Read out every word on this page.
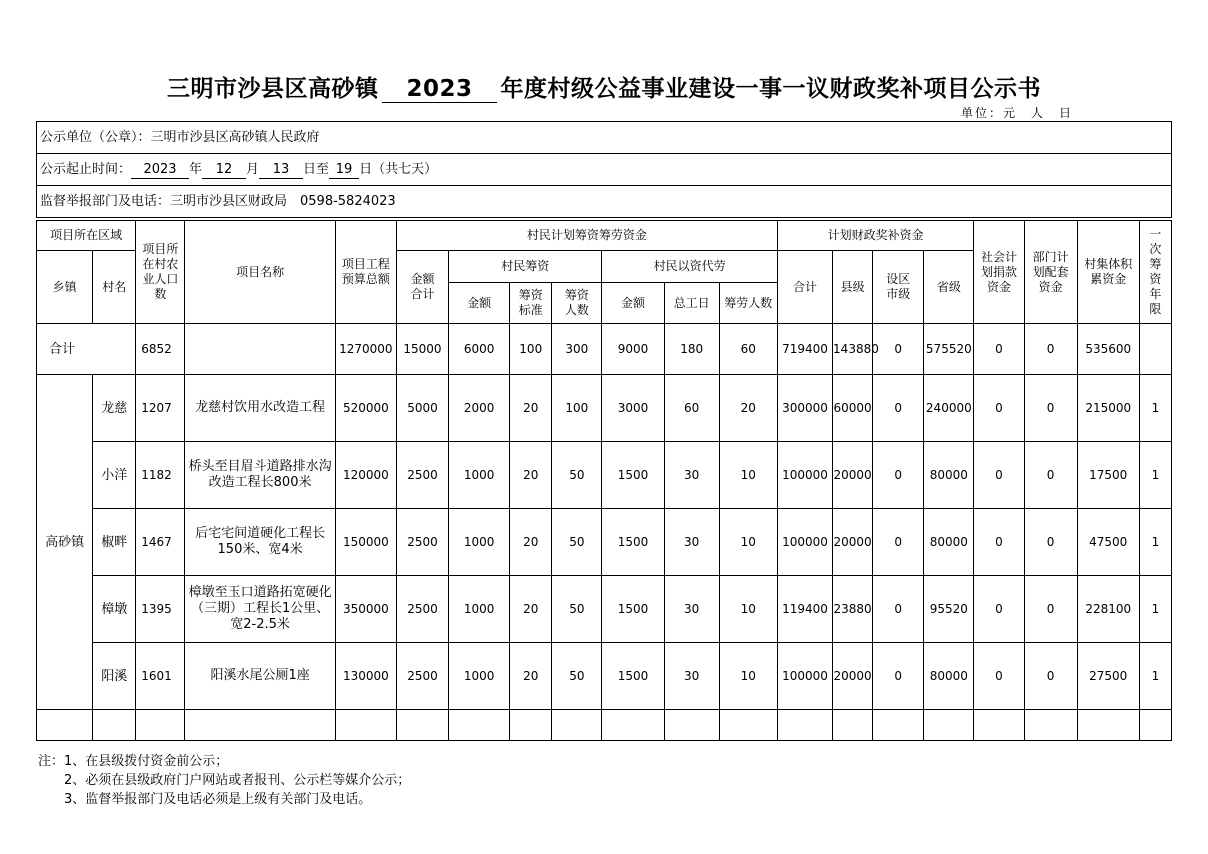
三明市沙县区高砂镇 2023 年度村级公益事业建设一事一议财政奖补项目公示书
单位：元　人　日
公示单位（公章）：三明市沙县区高砂镇人民政府
公示起止时间： 2023 年 12 月 13 日至 19 日（共七天）
监督举报部门及电话：三明市沙县区财政局　0598-5824023
项目所在区域		项目所在村农业人口数	项目名称	项目工程预算总额	村民计划筹资筹劳资金							计划财政奖补资金				社会计划捐款资金	部门计划配套资金	村集体积累资金	一次筹资年限
乡镇	村名				金额合计	村民筹资			村民以资代劳			合计	县级	设区市级	省级				
						金额	筹资标准	筹资人数	金额	总工日	筹劳人数								
合计		6852		1270000	15000	6000	100	300	9000	180	60	719400	143880	0	575520	0	0	535600	
高砂镇	龙慈	1207	龙慈村饮用水改造工程	520000	5000	2000	20	100	3000	60	20	300000	60000	0	240000	0	0	215000	1
	小洋	1182	桥头至目眉斗道路排水沟改造工程长800米	120000	2500	1000	20	50	1500	30	10	100000	20000	0	80000	0	0	17500	1
	椒畔	1467	后宅宅间道硬化工程长150米、宽4米	150000	2500	1000	20	50	1500	30	10	100000	20000	0	80000	0	0	47500	1
	樟墩	1395	樟墩至玉口道路拓宽硬化（三期）工程长1公里、宽2-2.5米	350000	2500	1000	20	50	1500	30	10	119400	23880	0	95520	0	0	228100	1
	阳溪	1601	阳溪水尾公厕1座	130000	2500	1000	20	50	1500	30	10	100000	20000	0	80000	0	0	27500	1

注：1、在县级拨付资金前公示；
　　2、必须在县级政府门户网站或者报刊、公示栏等媒介公示；
　　3、监督举报部门及电话必须是上级有关部门及电话。
